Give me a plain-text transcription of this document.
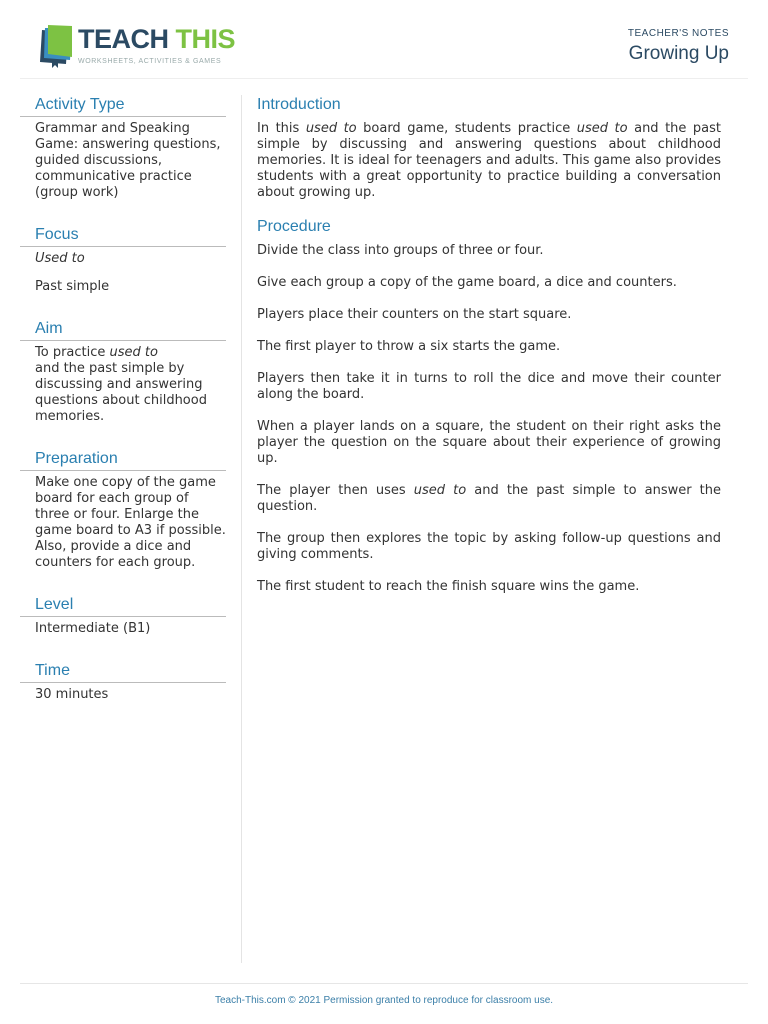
TEACH THIS
WORKSHEETS, ACTIVITIES & GAMES
TEACHER'S NOTES
Growing Up
Activity Type
Grammar and Speaking Game: answering questions, guided discussions, communicative practice (group work)
Focus

Used to

Past simple

Aim
To practice used to
and the past simple by discussing and answering questions about childhood memories.
Preparation
Make one copy of the game board for each group of three or four. Enlarge the game board to A3 if possible. Also, provide a dice and counters for each group.
Level
Intermediate (B1)
Time
30 minutes
Introduction

In this used to board game, students practice used to and the past simple by discussing and answering questions about childhood memories. It is ideal for teenagers and adults. This game also provides students with a great opportunity to practice building a conversation about growing up.

Procedure

Divide the class into groups of three or four.

Give each group a copy of the game board, a dice and counters.

Players place their counters on the start square.

The first player to throw a six starts the game.

Players then take it in turns to roll the dice and move their counter along the board.

When a player lands on a square, the student on their right asks the player the question on the square about their experience of growing up.

The player then uses used to and the past simple to answer the question.

The group then explores the topic by asking follow-up questions and giving comments.

The first student to reach the finish square wins the game.

Teach-This.com © 2021 Permission granted to reproduce for classroom use.
